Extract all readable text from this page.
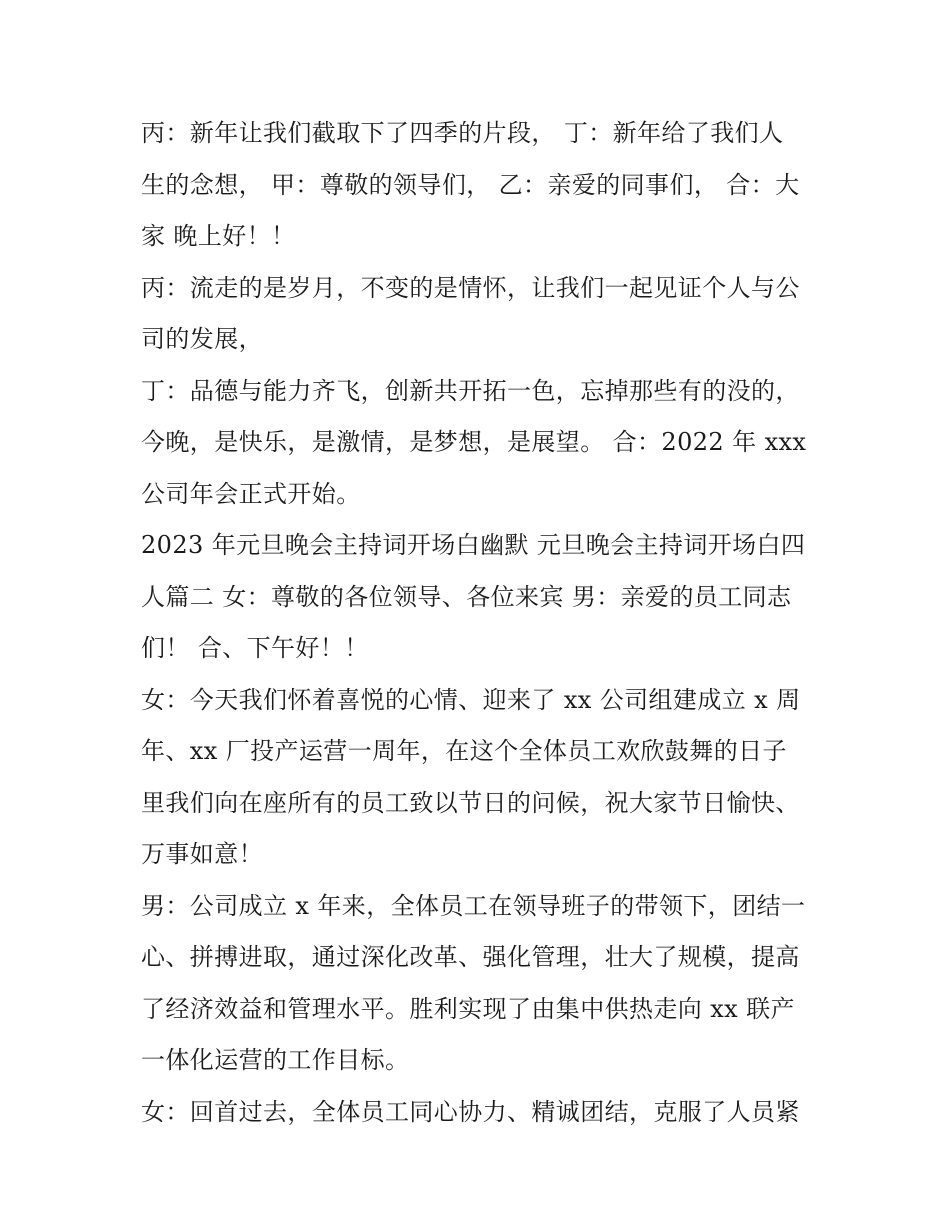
丙：新年让我们截取下了四季的片段， 丁：新年给了我们人
生的念想， 甲：尊敬的领导们， 乙：亲爱的同事们， 合：大
家 晚上好！！
丙：流走的是岁月，不变的是情怀，让我们一起见证个人与公
司的发展，
丁：品德与能力齐飞，创新共开拓一色，忘掉那些有的没的，
今晚，是快乐，是激情，是梦想，是展望。 合：2022 年 xxx
公司年会正式开始。
2023 年元旦晚会主持词开场白幽默 元旦晚会主持词开场白四
人篇二 女：尊敬的各位领导、各位来宾 男：亲爱的员工同志
们！ 合、下午好！！
女：今天我们怀着喜悦的心情、迎来了 xx 公司组建成立 x 周
年、xx 厂投产运营一周年，在这个全体员工欢欣鼓舞的日子
里我们向在座所有的员工致以节日的问候，祝大家节日愉快、
万事如意！
男：公司成立 x 年来，全体员工在领导班子的带领下，团结一
心、拼搏进取，通过深化改革、强化管理，壮大了规模，提高
了经济效益和管理水平。胜利实现了由集中供热走向 xx 联产
一体化运营的工作目标。
女：回首过去，全体员工同心协力、精诚团结，克服了人员紧
